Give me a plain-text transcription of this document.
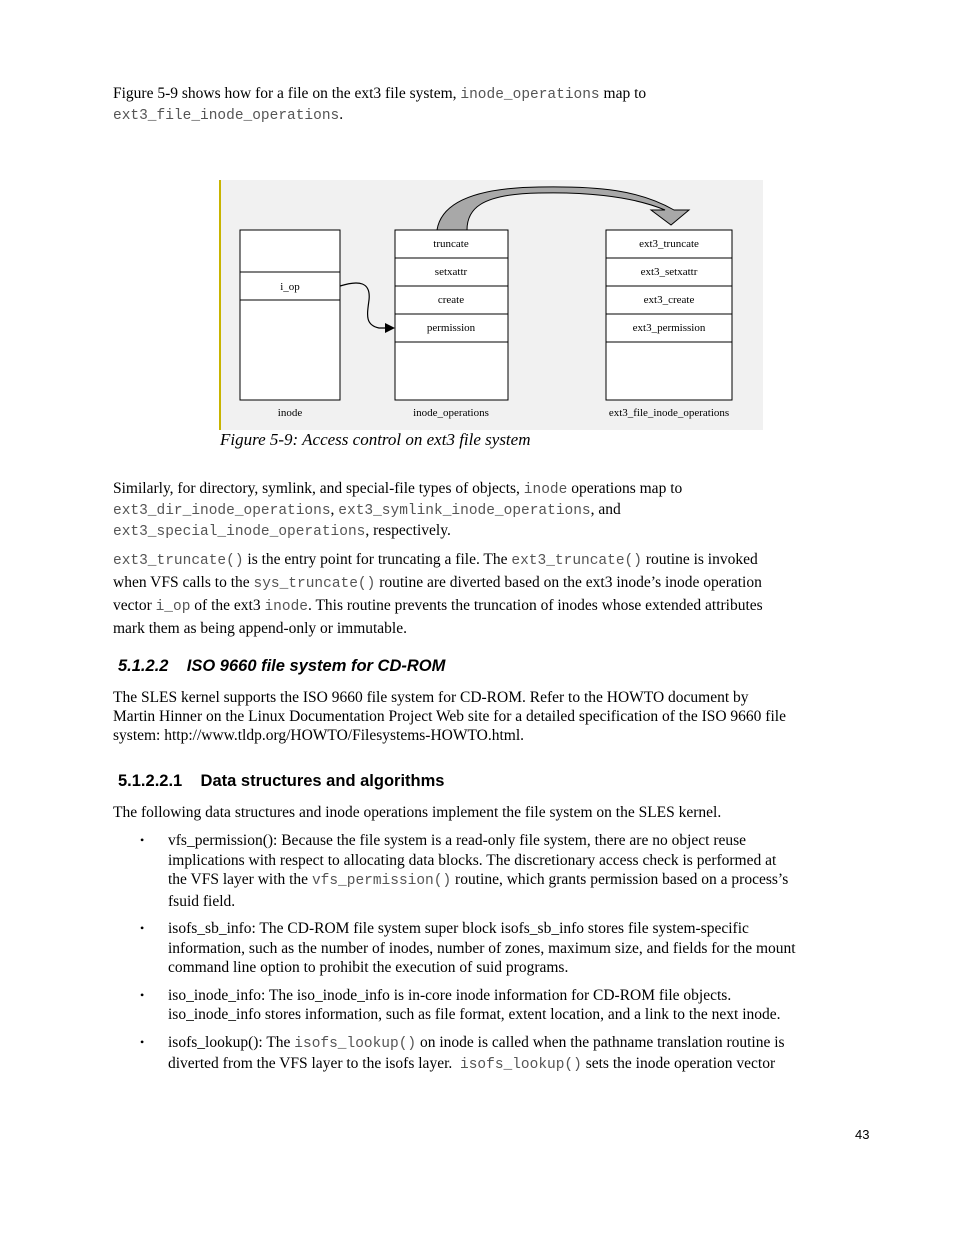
Figure 5-9 shows how for a file on the ext3 file system, inode_operations map to

ext3_file_inode_operations.

i_op
inode
truncate
setxattr
create
permission
inode_operations
ext3_truncate
ext3_setxattr
ext3_create
ext3_permission
ext3_file_inode_operations
Figure 5-9: Access control on ext3 file system

Similarly, for directory, symlink, and special-file types of objects, inode operations map to

ext3_dir_inode_operations, ext3_symlink_inode_operations, and

ext3_special_inode_operations, respectively.

ext3_truncate() is the entry point for truncating a file. The ext3_truncate() routine is invoked

when VFS calls to the sys_truncate() routine are diverted based on the ext3 inode’s inode operation

vector i_op of the ext3 inode. This routine prevents the truncation of inodes whose extended attributes

mark them as being append-only or immutable.

5.1.2.2    ISO 9660 file system for CD-ROM

The SLES kernel supports the ISO 9660 file system for CD-ROM. Refer to the HOWTO document by

Martin Hinner on the Linux Documentation Project Web site for a detailed specification of the ISO 9660 file

system: http://www.tldp.org/HOWTO/Filesystems-HOWTO.html.

5.1.2.2.1    Data structures and algorithms

The following data structures and inode operations implement the file system on the SLES kernel.

• vfs_permission(): Because the file system is a read-only file system, there are no object reuse
implications with respect to allocating data blocks. The discretionary access check is performed at
the VFS layer with the vfs_permission() routine, which grants permission based on a process’s
fsuid field.
• isofs_sb_info: The CD-ROM file system super block isofs_sb_info stores file system-specific
information, such as the number of inodes, number of zones, maximum size, and fields for the mount
command line option to prohibit the execution of suid programs.
• iso_inode_info: The iso_inode_info is in-core inode information for CD-ROM file objects.
iso_inode_info stores information, such as file format, extent location, and a link to the next inode.
• isofs_lookup(): The isofs_lookup() on inode is called when the pathname translation routine is
diverted from the VFS layer to the isofs layer.  isofs_lookup() sets the inode operation vector
43
